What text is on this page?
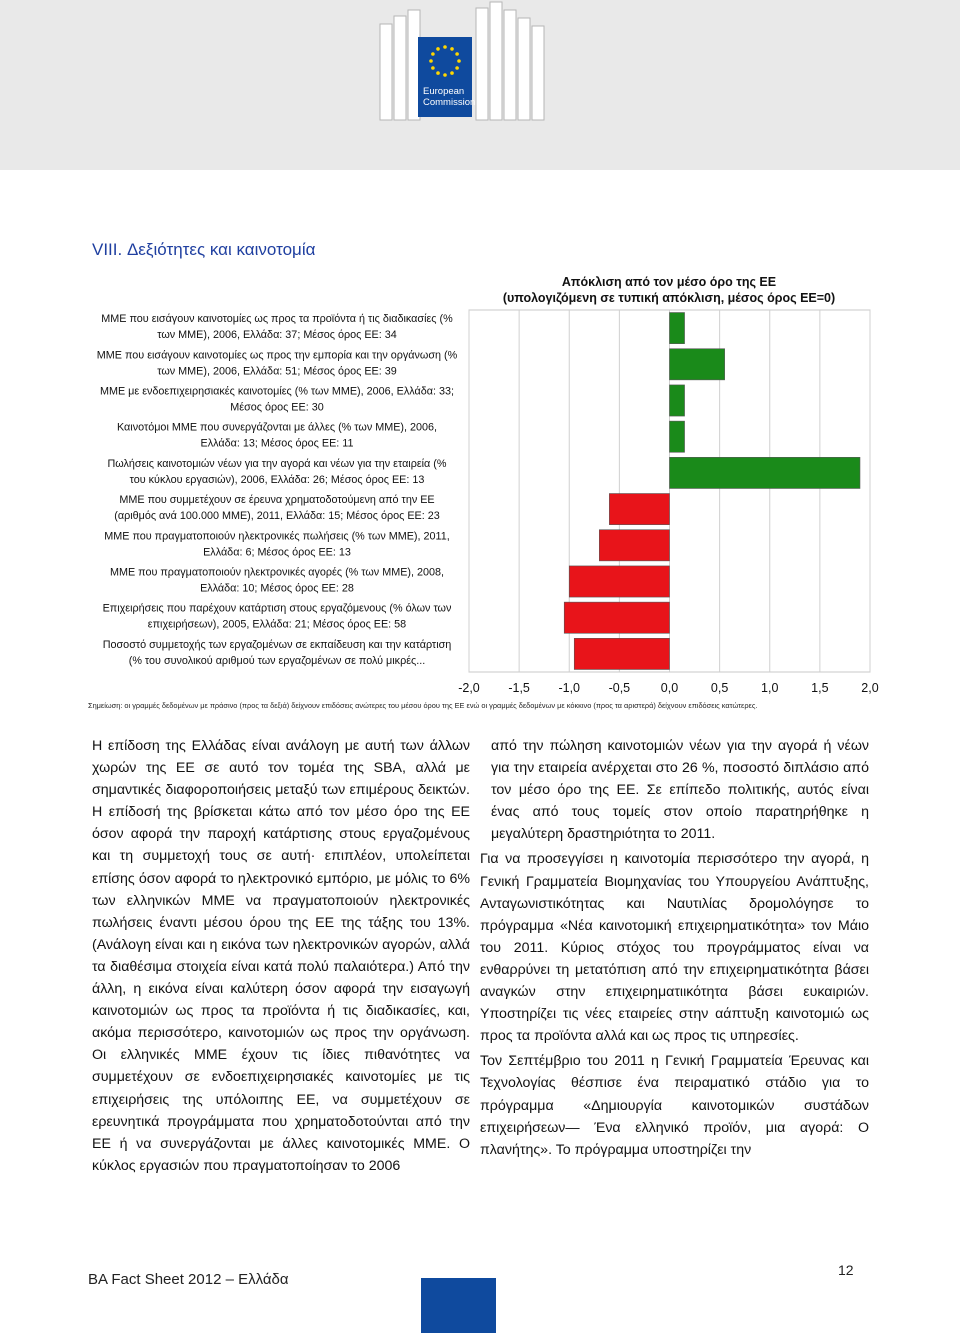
European
Commission
VIII. Δεξιότητες και καινοτομία
Απόκλιση από τον μέσο όρο της ΕΕ
(υπολογιζόμενη σε τυπική απόκλιση, μέσος όρος ΕΕ=0)
ΜΜΕ που εισάγουν καινοτομίες ως προς τα προϊόντα ή τις διαδικασίες (%
των ΜΜΕ), 2006, Ελλάδα: 37; Μέσος όρος ΕΕ: 34
ΜΜΕ που εισάγουν καινοτομίες ως προς την εμπορία και την οργάνωση (%
των ΜΜΕ), 2006, Ελλάδα: 51; Μέσος όρος ΕΕ: 39
ΜΜΕ με ενδοεπιχειρησιακές καινοτομίες (% των ΜΜΕ), 2006, Ελλάδα: 33;
Μέσος όρος ΕΕ: 30
Καινοτόμοι ΜΜΕ που συνεργάζονται με άλλες (% των ΜΜΕ), 2006,
Ελλάδα: 13; Μέσος όρος ΕΕ: 11
Πωλήσεις καινοτομιών νέων για την αγορά και νέων για την εταιρεία (%
του κύκλου εργασιών), 2006, Ελλάδα: 26; Μέσος όρος ΕΕ: 13
ΜΜΕ που συμμετέχουν σε έρευνα χρηματοδοτούμενη από την ΕΕ
(αριθμός ανά 100.000 ΜΜΕ), 2011, Ελλάδα: 15; Μέσος όρος ΕΕ: 23
ΜΜΕ που πραγματοποιούν ηλεκτρονικές πωλήσεις (% των ΜΜΕ), 2011,
Ελλάδα: 6; Μέσος όρος ΕΕ: 13
ΜΜΕ που πραγματοποιούν ηλεκτρονικές αγορές (% των ΜΜΕ), 2008,
Ελλάδα: 10; Μέσος όρος ΕΕ: 28
Επιχειρήσεις που παρέχουν κατάρτιση στους εργαζόμενους (% όλων των
επιχειρήσεων), 2005, Ελλάδα: 21; Μέσος όρος ΕΕ: 58
Ποσοστό συμμετοχής των εργαζομένων σε εκπαίδευση και την κατάρτιση
(% του συνολικού αριθμού των εργαζομένων σε πολύ μικρές...
-2,0 -1,5 -1,0 -0,5 0,0	0,5	1,0	1,5	2,0
Σημείωση: οι γραμμές δεδομένων με πράσινο (προς τα δεξιά) δείχνουν επιδόσεις ανώτερες του μέσου όρου της ΕΕ ενώ οι γραμμές δεδομένων με κόκκινο (προς τα αριστερά) δείχνουν επιδόσεις κατώτερες.

Η επίδοση της Ελλάδας είναι ανάλογη με αυτή των άλλων χωρών της ΕΕ σε αυτό τον τομέα της SBA, αλλά με σημαντικές διαφοροποιήσεις μεταξύ των επιμέρους δεικτών. Η επίδοσή της βρίσκεται κάτω από τον μέσο όρο της ΕΕ όσον αφορά την παροχή κατάρτισης στους εργαζομένους και τη συμμετοχή τους σε αυτή· επιπλέον, υπολείπεται επίσης όσον αφορά το ηλεκτρονικό εμπόριο, με μόλις το 6% των ελληνικών ΜΜΕ να πραγματοποιούν ηλεκτρονικές πωλήσεις έναντι μέσου όρου της ΕΕ της τάξης του 13%. (Ανάλογη είναι και η εικόνα των ηλεκτρονικών αγορών, αλλά τα διαθέσιμα στοιχεία είναι κατά πολύ παλαιότερα.) Από την άλλη, η εικόνα είναι καλύτερη όσον αφορά την εισαγωγή καινοτομιών ως προς τα προϊόντα ή τις διαδικασίες, και, ακόμα περισσότερο, καινοτομιών ως προς την οργάνωση. Οι ελληνικές ΜΜΕ έχουν τις ίδιες πιθανότητες να συμμετέχουν σε ενδοεπιχειρησιακές καινοτομίες με τις επιχειρήσεις της υπόλοιπης ΕΕ, να συμμετέχουν σε ερευνητικά προγράμματα που χρηματοδοτούνται από την ΕΕ ή να συνεργάζονται με άλλες καινοτομικές ΜΜΕ. Ο κύκλος εργασιών που πραγματοποίησαν το 2006

από την πώληση καινοτομιών νέων για την αγορά ή νέων για την εταιρεία ανέρχεται στο 26 %, ποσοστό διπλάσιο από τον μέσο όρο της ΕΕ. Σε επίπεδο πολιτικής, αυτός είναι ένας από τους τομείς στον οποίο παρατηρήθηκε η μεγαλύτερη δραστηριότητα το 2011.

Για να προσεγγίσει η καινοτομία περισσότερο την αγορά, η Γενική Γραμματεία Βιομηχανίας του Υπουργείου Ανάπτυξης, Ανταγωνιστικότητας και Ναυτιλίας δρομολόγησε το πρόγραμμα «Νέα καινοτομική επιχειρηματικότητα» τον Μάιο του 2011. Κύριος στόχος του προγράμματος είναι να ενθαρρύνει τη μετατόπιση από την επιχειρηματικότητα βάσει αναγκών στην επιχειρηματιικότητα βάσει ευκαιριών. Υποστηρίζει τις νέες εταιρείες στην αάπτυξη καινοτομιώ ως προς τα προϊόντα αλλά και ως προς τις υπηρεσίες.

Τον Σεπτέμβριο του 2011 η Γενική Γραμματεία Έρευνας και Τεχνολογίας θέσπισε ένα πειραματικό στάδιο για το πρόγραμμα «Δημιουργία καινοτομικών συστάδων επιχειρήσεων— Ένα ελληνικό προϊόν, μια αγορά: Ο πλανήτης». Το πρόγραμμα υποστηρίζει την

BA Fact Sheet 2012 – Ελλάδα
12
